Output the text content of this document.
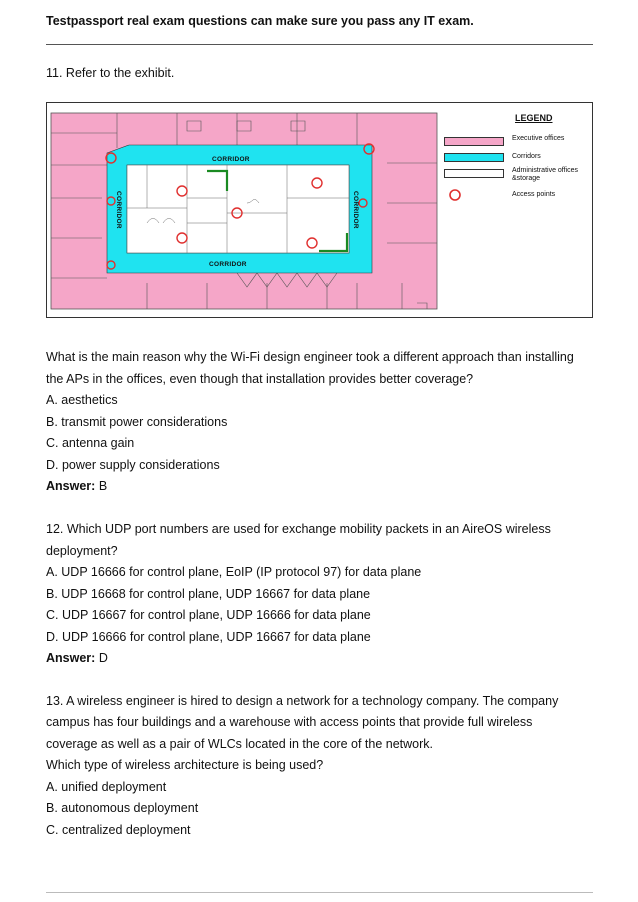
Testpassport real exam questions can make sure you pass any IT exam.
11. Refer to the exhibit.
CORRIDOR
CORRIDOR
CORRIDOR	CORRIDOR
LEGEND
Executive offices
Corridors
Administrative offices &storage
Access points
What is the main reason why the Wi-Fi design engineer took a different approach than installing
the APs in the offices, even though that installation provides better coverage?
A. aesthetics
B. transmit power considerations
C. antenna gain
D. power supply considerations
Answer: B
12. Which UDP port numbers are used for exchange mobility packets in an AireOS wireless
deployment?
A. UDP 16666 for control plane, EoIP (IP protocol 97) for data plane
B. UDP 16668 for control plane, UDP 16667 for data plane
C. UDP 16667 for control plane, UDP 16666 for data plane
D. UDP 16666 for control plane, UDP 16667 for data plane
Answer: D
13. A wireless engineer is hired to design a network for a technology company. The company
campus has four buildings and a warehouse with access points that provide full wireless
coverage as well as a pair of WLCs located in the core of the network.
Which type of wireless architecture is being used?
A. unified deployment
B. autonomous deployment
C. centralized deployment
